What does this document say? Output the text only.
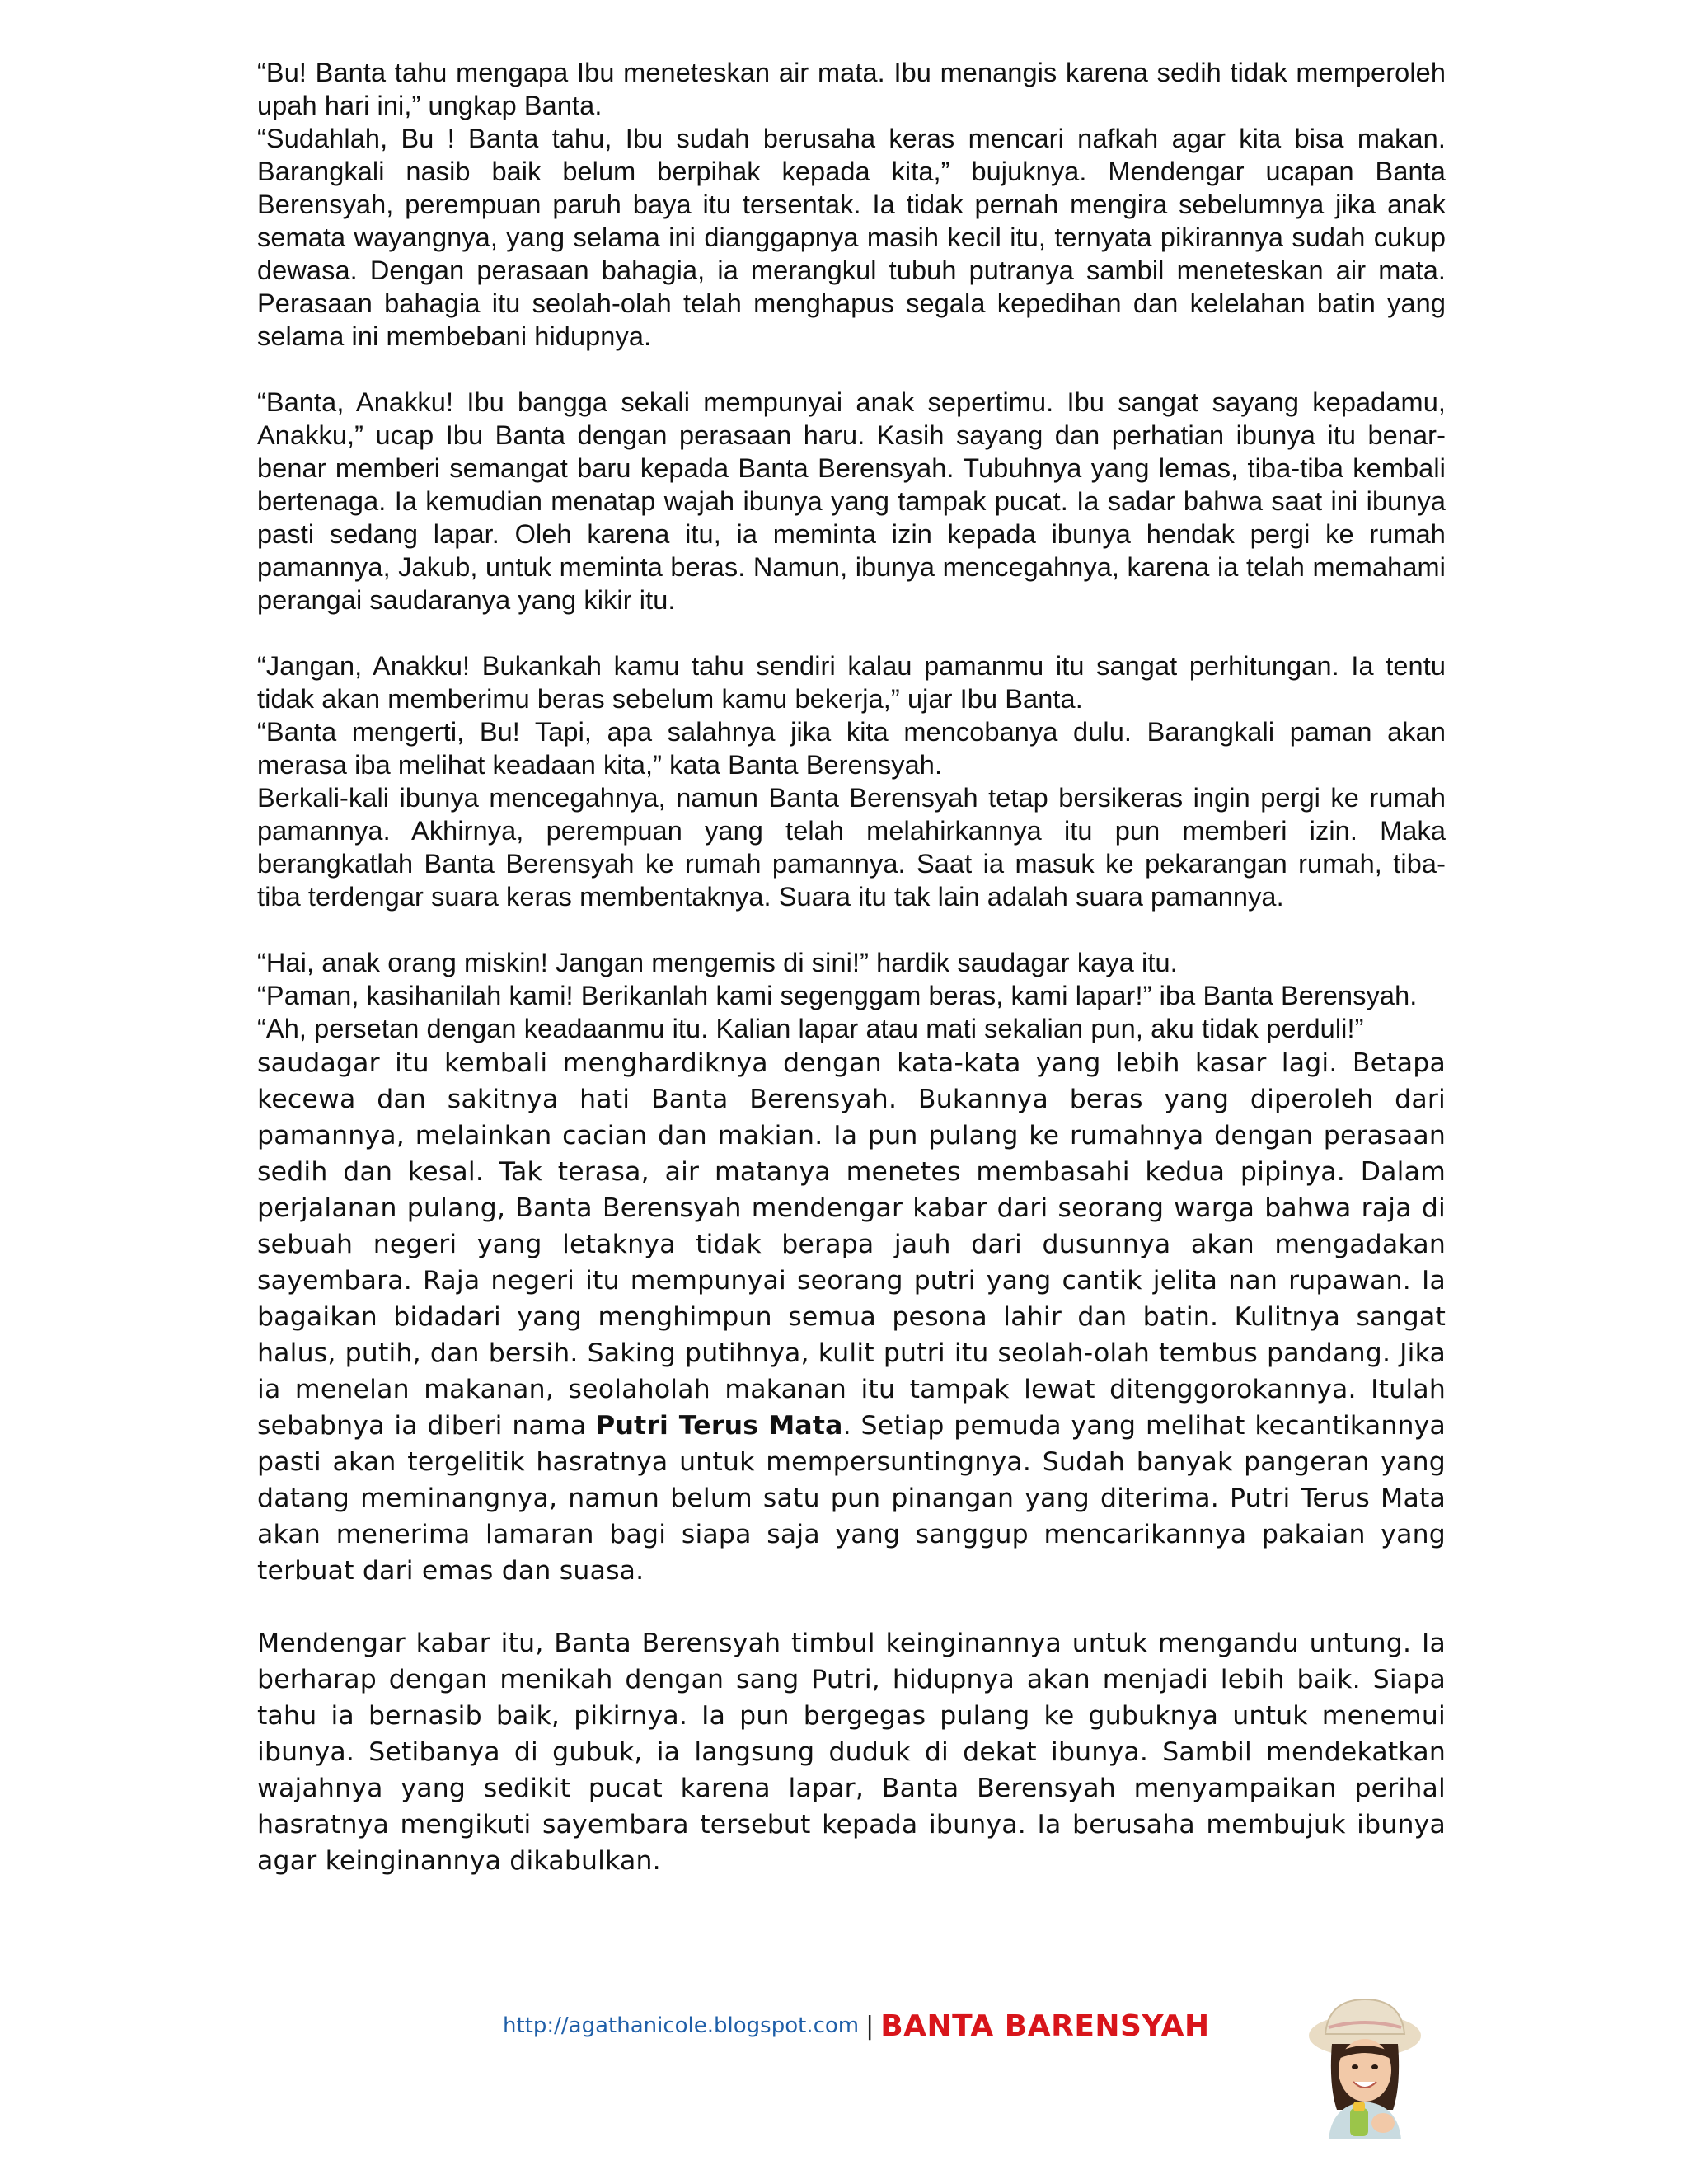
“Bu! Banta tahu mengapa Ibu meneteskan air mata. Ibu menangis karena sedih tidak memperoleh upah hari ini,” ungkap Banta.

“Sudahlah, Bu ! Banta tahu, Ibu sudah berusaha keras mencari nafkah agar kita bisa makan. Barangkali nasib baik belum berpihak kepada kita,” bujuknya. Mendengar ucapan Banta Berensyah, perempuan paruh baya itu tersentak. Ia tidak pernah mengira sebelumnya jika anak semata wayangnya, yang selama ini dianggapnya masih kecil itu, ternyata pikirannya sudah cukup dewasa. Dengan perasaan bahagia, ia merangkul tubuh putranya sambil meneteskan air mata. Perasaan bahagia itu seolah-olah telah menghapus segala kepedihan dan kelelahan batin yang selama ini membebani hidupnya.

“Banta, Anakku! Ibu bangga sekali mempunyai anak sepertimu. Ibu sangat sayang kepadamu, Anakku,” ucap Ibu Banta dengan perasaan haru. Kasih sayang dan perhatian ibunya itu benar-benar memberi semangat baru kepada Banta Berensyah. Tubuhnya yang lemas, tiba-tiba kembali bertenaga. Ia kemudian menatap wajah ibunya yang tampak pucat. Ia sadar bahwa saat ini ibunya pasti sedang lapar. Oleh karena itu, ia meminta izin kepada ibunya hendak pergi ke rumah pamannya, Jakub, untuk meminta beras. Namun, ibunya mencegahnya, karena ia telah memahami perangai saudaranya yang kikir itu.

“Jangan, Anakku! Bukankah kamu tahu sendiri kalau pamanmu itu sangat perhitungan. Ia tentu tidak akan memberimu beras sebelum kamu bekerja,” ujar Ibu Banta.

“Banta mengerti, Bu! Tapi, apa salahnya jika kita mencobanya dulu. Barangkali paman akan merasa iba melihat keadaan kita,” kata Banta Berensyah.

Berkali-kali ibunya mencegahnya, namun Banta Berensyah tetap bersikeras ingin pergi ke rumah pamannya. Akhirnya, perempuan yang telah melahirkannya itu pun memberi izin. Maka berangkatlah Banta Berensyah ke rumah pamannya. Saat ia masuk ke pekarangan rumah, tiba-tiba terdengar suara keras membentaknya. Suara itu tak lain adalah suara pamannya.

“Hai, anak orang miskin! Jangan mengemis di sini!” hardik saudagar kaya itu.

“Paman, kasihanilah kami! Berikanlah kami segenggam beras, kami lapar!” iba Banta Berensyah.

“Ah, persetan dengan keadaanmu itu. Kalian lapar atau mati sekalian pun, aku tidak perduli!”

saudagar itu kembali menghardiknya dengan kata-kata yang lebih kasar lagi. Betapa kecewa dan sakitnya hati Banta Berensyah. Bukannya beras yang diperoleh dari pamannya, melainkan cacian dan makian. Ia pun pulang ke rumahnya dengan perasaan sedih dan kesal. Tak terasa, air matanya menetes membasahi kedua pipinya. Dalam perjalanan pulang, Banta Berensyah mendengar kabar dari seorang warga bahwa raja di sebuah negeri yang letaknya tidak berapa jauh dari dusunnya akan mengadakan sayembara. Raja negeri itu mempunyai seorang putri yang cantik jelita nan rupawan. Ia bagaikan bidadari yang menghimpun semua pesona lahir dan batin. Kulitnya sangat halus, putih, dan bersih. Saking putihnya, kulit putri itu seolah-olah tembus pandang. Jika ia menelan makanan, seolaholah makanan itu tampak lewat ditenggorokannya. Itulah sebabnya ia diberi nama Putri Terus Mata. Setiap pemuda yang melihat kecantikannya pasti akan tergelitik hasratnya untuk mempersuntingnya. Sudah banyak pangeran yang datang meminangnya, namun belum satu pun pinangan yang diterima. Putri Terus Mata akan menerima lamaran bagi siapa saja yang sanggup mencarikannya pakaian yang terbuat dari emas dan suasa.

Mendengar kabar itu, Banta Berensyah timbul keinginannya untuk mengandu untung. Ia berharap dengan menikah dengan sang Putri, hidupnya akan menjadi lebih baik. Siapa tahu ia bernasib baik, pikirnya. Ia pun bergegas pulang ke gubuknya untuk menemui ibunya. Setibanya di gubuk, ia langsung duduk di dekat ibunya. Sambil mendekatkan wajahnya yang sedikit pucat karena lapar, Banta Berensyah menyampaikan perihal hasratnya mengikuti sayembara tersebut kepada ibunya. Ia berusaha membujuk ibunya agar keinginannya dikabulkan.

http://agathanicole.blogspot.com | BANTA BARENSYAH
